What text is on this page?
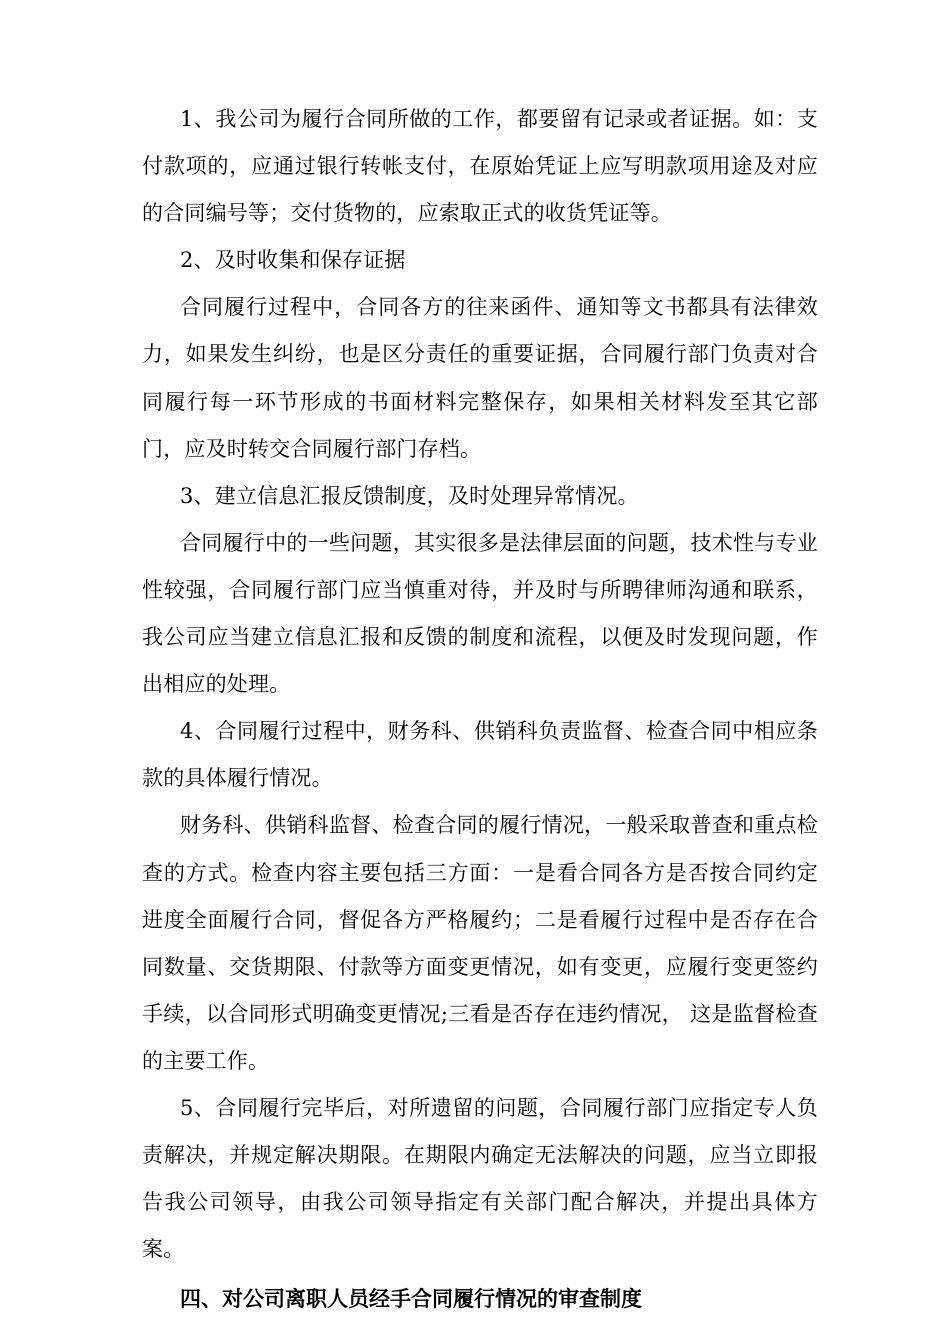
1、我公司为履行合同所做的工作，都要留有记录或者证据。如：支付款项的，应通过银行转帐支付，在原始凭证上应写明款项用途及对应的合同编号等；交付货物的，应索取正式的收货凭证等。

2、及时收集和保存证据

合同履行过程中，合同各方的往来函件、通知等文书都具有法律效力，如果发生纠纷，也是区分责任的重要证据，合同履行部门负责对合同履行每一环节形成的书面材料完整保存，如果相关材料发至其它部门，应及时转交合同履行部门存档。

3、建立信息汇报反馈制度，及时处理异常情况。

合同履行中的一些问题，其实很多是法律层面的问题，技术性与专业性较强，合同履行部门应当慎重对待，并及时与所聘律师沟通和联系，我公司应当建立信息汇报和反馈的制度和流程，以便及时发现问题，作出相应的处理。

4、合同履行过程中，财务科、供销科负责监督、检查合同中相应条款的具体履行情况。

财务科、供销科监督、检查合同的履行情况，一般采取普查和重点检查的方式。检查内容主要包括三方面：一是看合同各方是否按合同约定进度全面履行合同，督促各方严格履约；二是看履行过程中是否存在合同数量、交货期限、付款等方面变更情况，如有变更，应履行变更签约手续，以合同形式明确变更情况;三看是否存在违约情况， 这是监督检查的主要工作。

5、合同履行完毕后，对所遗留的问题，合同履行部门应指定专人负责解决，并规定解决期限。在期限内确定无法解决的问题，应当立即报告我公司领导，由我公司领导指定有关部门配合解决，并提出具体方案。

四、对公司离职人员经手合同履行情况的审查制度
